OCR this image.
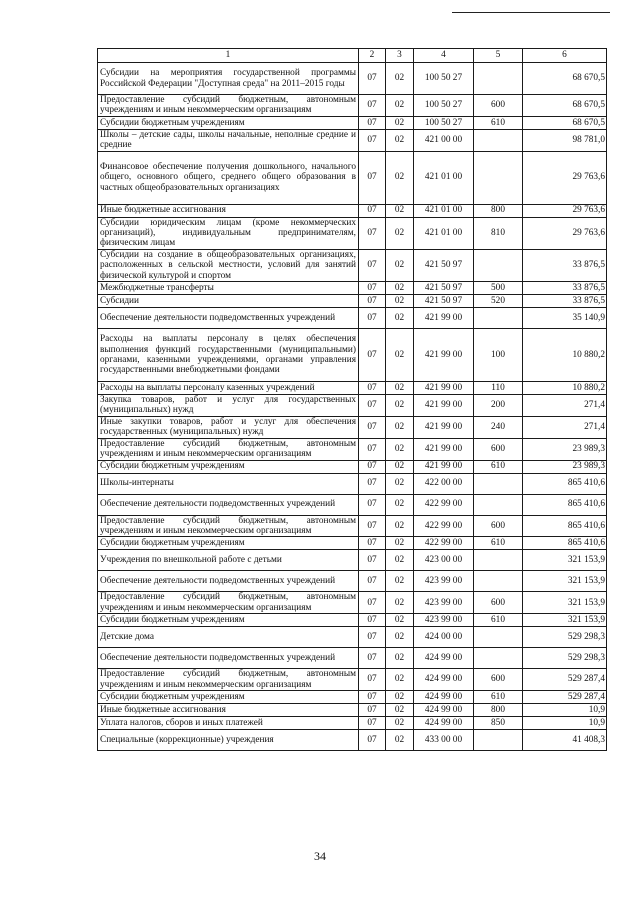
1	2	3	4	5	6
Субсидии на мероприятия государственной программы Российской Федерации "Доступная среда" на 2011–2015 годы	07	02	100 50 27		68 670,5
Предоставление субсидий бюджетным, автономным учреждениям и иным некоммерческим организациям	07	02	100 50 27	600	68 670,5
Субсидии бюджетным учреждениям	07	02	100 50 27	610	68 670,5
Школы – детские сады, школы начальные, неполные средние и средние	07	02	421 00 00		98 781,0
Финансовое обеспечение получения дошкольного, начального общего, основного общего, среднего общего образования в частных общеобразовательных организациях	07	02	421 01 00		29 763,6
Иные бюджетные ассигнования	07	02	421 01 00	800	29 763,6
Субсидии юридическим лицам (кроме некоммерческих организаций), индивидуальным предпринимателям, физическим лицам	07	02	421 01 00	810	29 763,6
Субсидии на создание в общеобразовательных организациях, расположенных в сельской местности, условий для занятий физической культурой и спортом	07	02	421 50 97		33 876,5
Межбюджетные трансферты	07	02	421 50 97	500	33 876,5
Субсидии	07	02	421 50 97	520	33 876,5
Обеспечение деятельности подведомственных учреждений	07	02	421 99 00		35 140,9
Расходы на выплаты персоналу в целях обеспечения выполнения функций государственными (муниципальными) органами, казенными учреждениями, органами управления государственными внебюджетными фондами	07	02	421 99 00	100	10 880,2
Расходы на выплаты персоналу казенных учреждений	07	02	421 99 00	110	10 880,2
Закупка товаров, работ и услуг для государственных (муниципальных) нужд	07	02	421 99 00	200	271,4
Иные закупки товаров, работ и услуг для обеспечения государственных (муниципальных) нужд	07	02	421 99 00	240	271,4
Предоставление субсидий бюджетным, автономным учреждениям и иным некоммерческим организациям	07	02	421 99 00	600	23 989,3
Субсидии бюджетным учреждениям	07	02	421 99 00	610	23 989,3
Школы-интернаты	07	02	422 00 00		865 410,6
Обеспечение деятельности подведомственных учреждений	07	02	422 99 00		865 410,6
Предоставление субсидий бюджетным, автономным учреждениям и иным некоммерческим организациям	07	02	422 99 00	600	865 410,6
Субсидии бюджетным учреждениям	07	02	422 99 00	610	865 410,6
Учреждения по внешкольной работе с детьми	07	02	423 00 00		321 153,9
Обеспечение деятельности подведомственных учреждений	07	02	423 99 00		321 153,9
Предоставление субсидий бюджетным, автономным учреждениям и иным некоммерческим организациям	07	02	423 99 00	600	321 153,9
Субсидии бюджетным учреждениям	07	02	423 99 00	610	321 153,9
Детские дома	07	02	424 00 00		529 298,3
Обеспечение деятельности подведомственных учреждений	07	02	424 99 00		529 298,3
Предоставление субсидий бюджетным, автономным учреждениям и иным некоммерческим организациям	07	02	424 99 00	600	529 287,4
Субсидии бюджетным учреждениям	07	02	424 99 00	610	529 287,4
Иные бюджетные ассигнования	07	02	424 99 00	800	10,9
Уплата налогов, сборов и иных платежей	07	02	424 99 00	850	10,9
Специальные (коррекционные) учреждения	07	02	433 00 00		41 408,3
34
